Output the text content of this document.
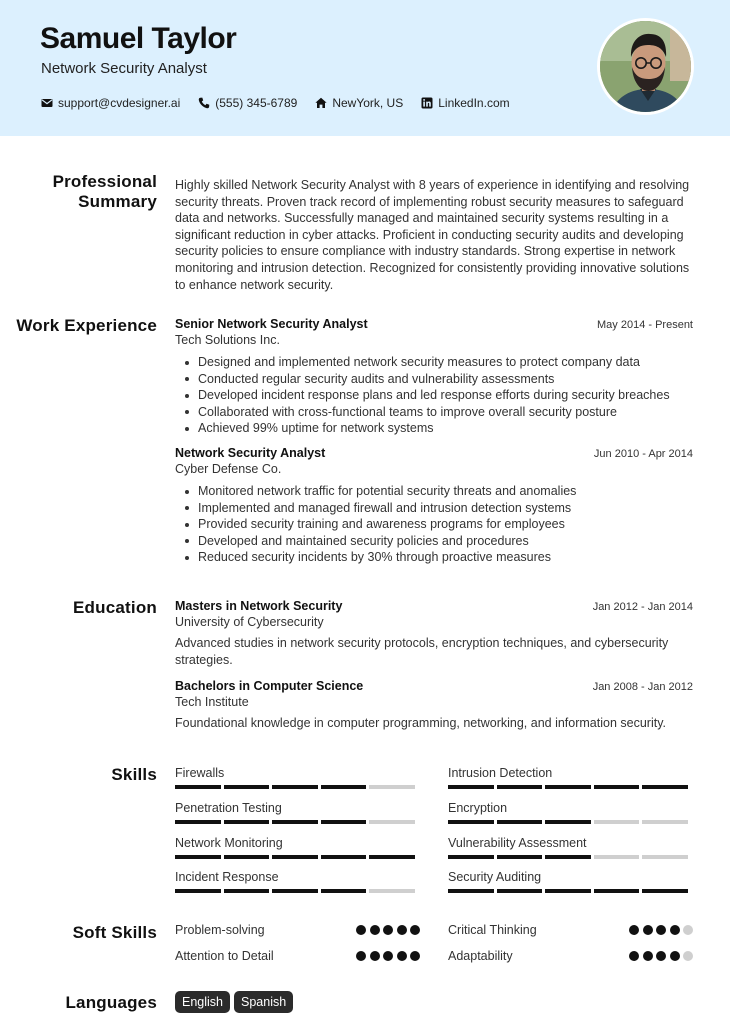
Samuel Taylor
Network Security Analyst
support@cvdesigner.ai	(555) 345-6789	NewYork, US	LinkedIn.com
Professional Summary
Highly skilled Network Security Analyst with 8 years of experience in identifying and resolving security threats. Proven track record of implementing robust security measures to safeguard data and networks. Successfully managed and maintained security systems resulting in a significant reduction in cyber attacks. Proficient in conducting security audits and developing security policies to ensure compliance with industry standards. Strong expertise in network monitoring and intrusion detection. Recognized for consistently providing innovative solutions to enhance network security.
Work Experience Senior Network Security Analyst	May 2014 - Present
Tech Solutions Inc.
Designed and implemented network security measures to protect company data
Conducted regular security audits and vulnerability assessments
Developed incident response plans and led response efforts during security breaches
Collaborated with cross-functional teams to improve overall security posture
Achieved 99% uptime for network systems
Network Security Analyst	Jun 2010 - Apr 2014
Cyber Defense Co.
Monitored network traffic for potential security threats and anomalies
Implemented and managed firewall and intrusion detection systems
Provided security training and awareness programs for employees
Developed and maintained security policies and procedures
Reduced security incidents by 30% through proactive measures
Education Masters in Network Security	Jan 2012 - Jan 2014
University of Cybersecurity
Advanced studies in network security protocols, encryption techniques, and cybersecurity strategies.
Bachelors in Computer Science	Jan 2008 - Jan 2012
Tech Institute
Foundational knowledge in computer programming, networking, and information security.
Skills Firewalls	Intrusion Detection
Penetration Testing	Encryption
Network Monitoring	Vulnerability Assessment
Incident Response	Security Auditing
Soft Skills Problem-solving	Critical Thinking
Attention to Detail	Adaptability
Languages	English	Spanish
